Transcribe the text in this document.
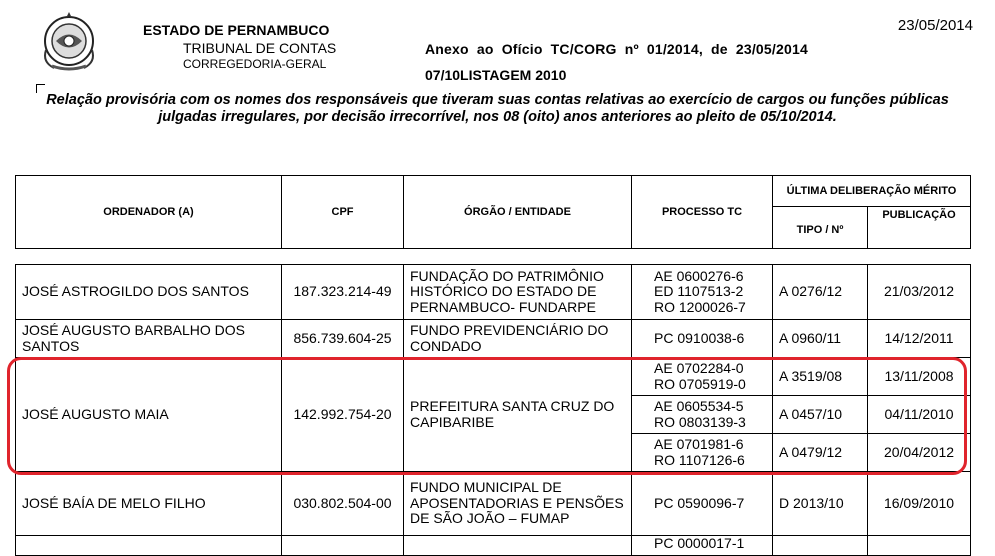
ESTADO DE PERNAMBUCO
TRIBUNAL DE CONTAS
CORREGEDORIA-GERAL
23/05/2014
Anexo ao Ofício TC/CORG nº 01/2014, de 23/05/2014
07/10LISTAGEM 2010
Relação provisória com os nomes dos responsáveis que tiveram suas contas relativas ao exercício de cargos ou funções públicas julgadas irregulares, por decisão irrecorrível, nos 08 (oito) anos anteriores ao pleito de 05/10/2014.
ORDENADOR (A)	CPF	ÓRGÃO / ENTIDADE	PROCESSO TC	ÚLTIMA DELIBERAÇÃO MÉRITO	
				TIPO / Nº	PUBLICAÇÃO
JOSÉ ASTROGILDO DOS SANTOS	187.323.214-49	FUNDAÇÃO DO PATRIMÔNIO HISTÓRICO DO ESTADO DE PERNAMBUCO- FUNDARPE	AE 0600276-6
ED 1107513-2
RO 1200026-7	A 0276/12	21/03/2012
JOSÉ AUGUSTO BARBALHO DOS SANTOS	856.739.604-25	FUNDO PREVIDENCIÁRIO DO CONDADO	PC 0910038-6	A 0960/11	14/12/2011
JOSÉ AUGUSTO MAIA	142.992.754-20	PREFEITURA SANTA CRUZ DO CAPIBARIBE	AE 0702284-0
RO 0705919-0	A 3519/08	13/11/2008
			AE 0605534-5
RO 0803139-3	A 0457/10	04/11/2010
			AE 0701981-6
RO 1107126-6	A 0479/12	20/04/2012
JOSÉ BAÍA DE MELO FILHO	030.802.504-00	FUNDO MUNICIPAL DE APOSENTADORIAS E PENSÕES DE SÃO JOÃO – FUMAP	PC 0590096-7	D 2013/10	16/09/2010
			PC 0000017-1		
